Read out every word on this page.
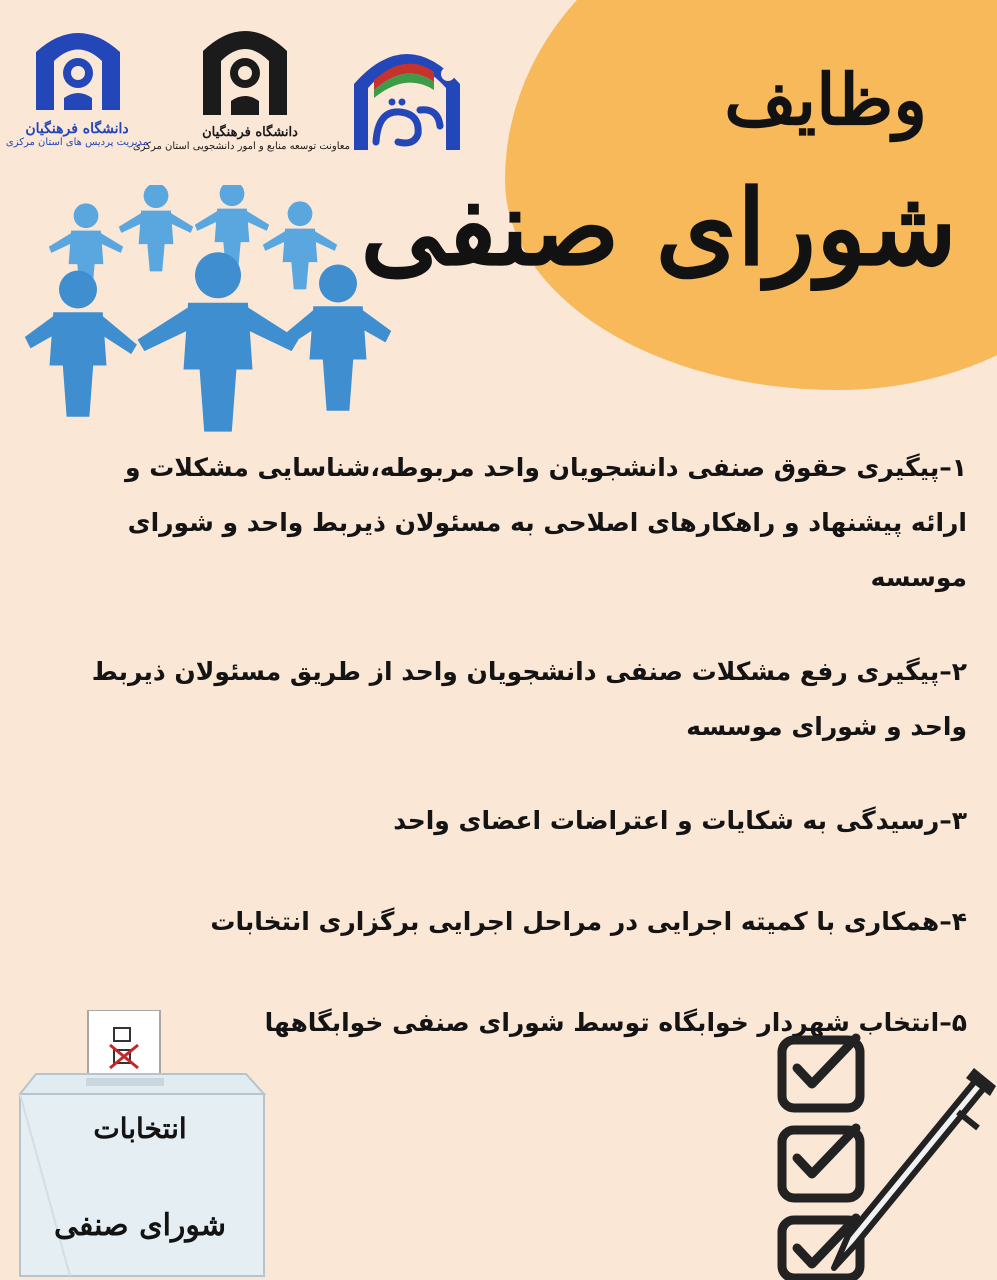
وظایف
شورای صنفی
دانشگاه فرهنگیان
مدیریت پردیس های استان مرکزی
دانشگاه فرهنگیان
معاونت توسعه منابع و امور دانشجویی استان مرکزی

۱–پیگیری حقوق صنفی دانشجویان واحد مربوطه،شناسایی مشکلات و ارائه پیشنهاد و راهکارهای اصلاحی به مسئولان ذیربط واحد و شورای موسسه

۲–پیگیری رفع مشکلات صنفی دانشجویان واحد از طریق مسئولان ذیربط واحد و شورای موسسه

۳–رسیدگی به شکایات و اعتراضات اعضای واحد

۴–همکاری با کمیته اجرایی در مراحل اجرایی برگزاری انتخابات

۵–انتخاب شهردار خوابگاه توسط شورای صنفی خوابگاهها

انتخابات
شورای صنفی
